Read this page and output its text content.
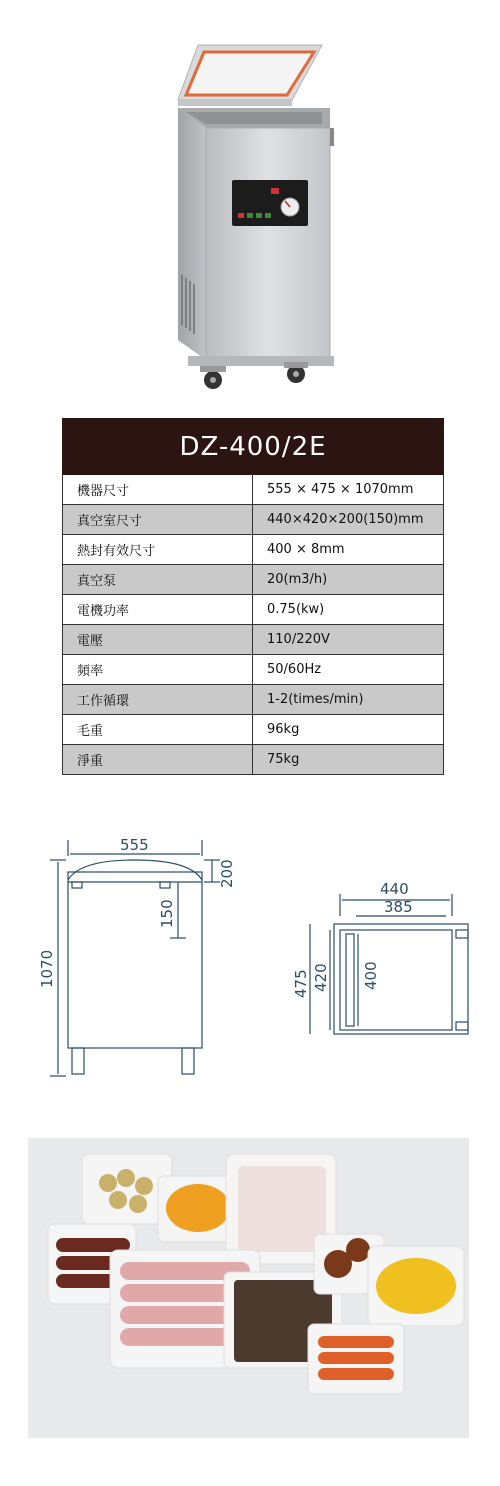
DZ-400/2E	
機器尺寸	555 × 475 × 1070mm
真空室尺寸	440×420×200(150)mm
熱封有效尺寸	400 × 8mm
真空泵	20(m3/h)
電機功率	0.75(kw)
電壓	110/220V
頻率	50/60Hz
工作循環	1-2(times/min)
毛重	96kg
淨重	75kg
555
200
150
1070
440
385
475 420 400
